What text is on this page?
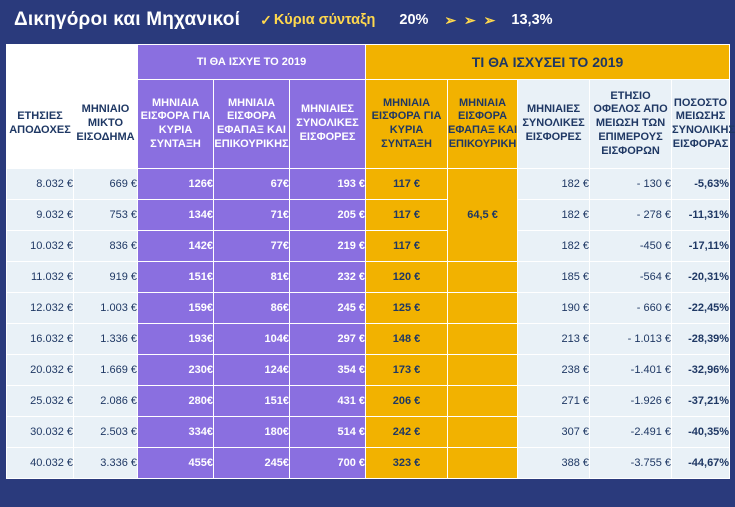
Δικηγόροι και Μηχανικοί ✓ Κύρια σύνταξη 20% ➢ ➢ ➢ 13,3%
		ΤΙ ΘΑ ΙΣΧΥΕ ΤΟ 2019			ΤΙ ΘΑ ΙΣΧΥΣΕΙ ΤΟ 2019				
ΕΤΗΣΙΕΣ ΑΠΟΔΟΧΕΣ	ΜΗΝΙΑΙΟ ΜΙΚΤΟ ΕΙΣΟΔΗΜΑ	ΜΗΝΙΑΙΑ ΕΙΣΦΟΡΑ ΓΙΑ ΚΥΡΙΑ ΣΥΝΤΑΞΗ	ΜΗΝΙΑΙΑ ΕΙΣΦΟΡΑ ΕΦΑΠΑΞ ΚΑΙ ΕΠΙΚΟΥΡΙΚΗΣ	ΜΗΝΙΑΙΕΣ ΣΥΝΟΛΙΚΕΣ ΕΙΣΦΟΡΕΣ	ΜΗΝΙΑΙΑ ΕΙΣΦΟΡΑ ΓΙΑ ΚΥΡΙΑ ΣΥΝΤΑΞΗ	ΜΗΝΙΑΙΑ ΕΙΣΦΟΡΑ ΕΦΑΠΑΞ ΚΑΙ ΕΠΙΚΟΥΡΙΚΗ	ΜΗΝΙΑΙΕΣ ΣΥΝΟΛΙΚΕΣ ΕΙΣΦΟΡΕΣ	ΕΤΗΣΙΟ ΟΦΕΛΟΣ ΑΠΟ ΜΕΙΩΣΗ ΤΩΝ ΕΠΙΜΕΡΟΥΣ ΕΙΣΦΟΡΩΝ	ΠΟΣΟΣΤΟ ΜΕΙΩΣΗΣ ΣΥΝΟΛΙΚΗΣ ΕΙΣΦΟΡΑΣ
8.032 €	669 €	126€	67€	193 €	117 €	64,5 €	182 €	- 130 €	-5,63%
9.032 €	753 €	134€	71€	205 €	117 €		182 €	- 278 €	-11,31%
10.032 €	836 €	142€	77€	219 €	117 €		182 €	-450 €	-17,11%
11.032 €	919 €	151€	81€	232 €	120 €		185 €	-564 €	-20,31%
12.032 €	1.003 €	159€	86€	245 €	125 €		190 €	- 660 €	-22,45%
16.032 €	1.336 €	193€	104€	297 €	148 €		213 €	- 1.013 €	-28,39%
20.032 €	1.669 €	230€	124€	354 €	173 €		238 €	-1.401 €	-32,96%
25.032 €	2.086 €	280€	151€	431 €	206 €		271 €	-1.926 €	-37,21%
30.032 €	2.503 €	334€	180€	514 €	242 €		307 €	-2.491 €	-40,35%
40.032 €	3.336 €	455€	245€	700 €	323 €		388 €	-3.755 €	-44,67%
